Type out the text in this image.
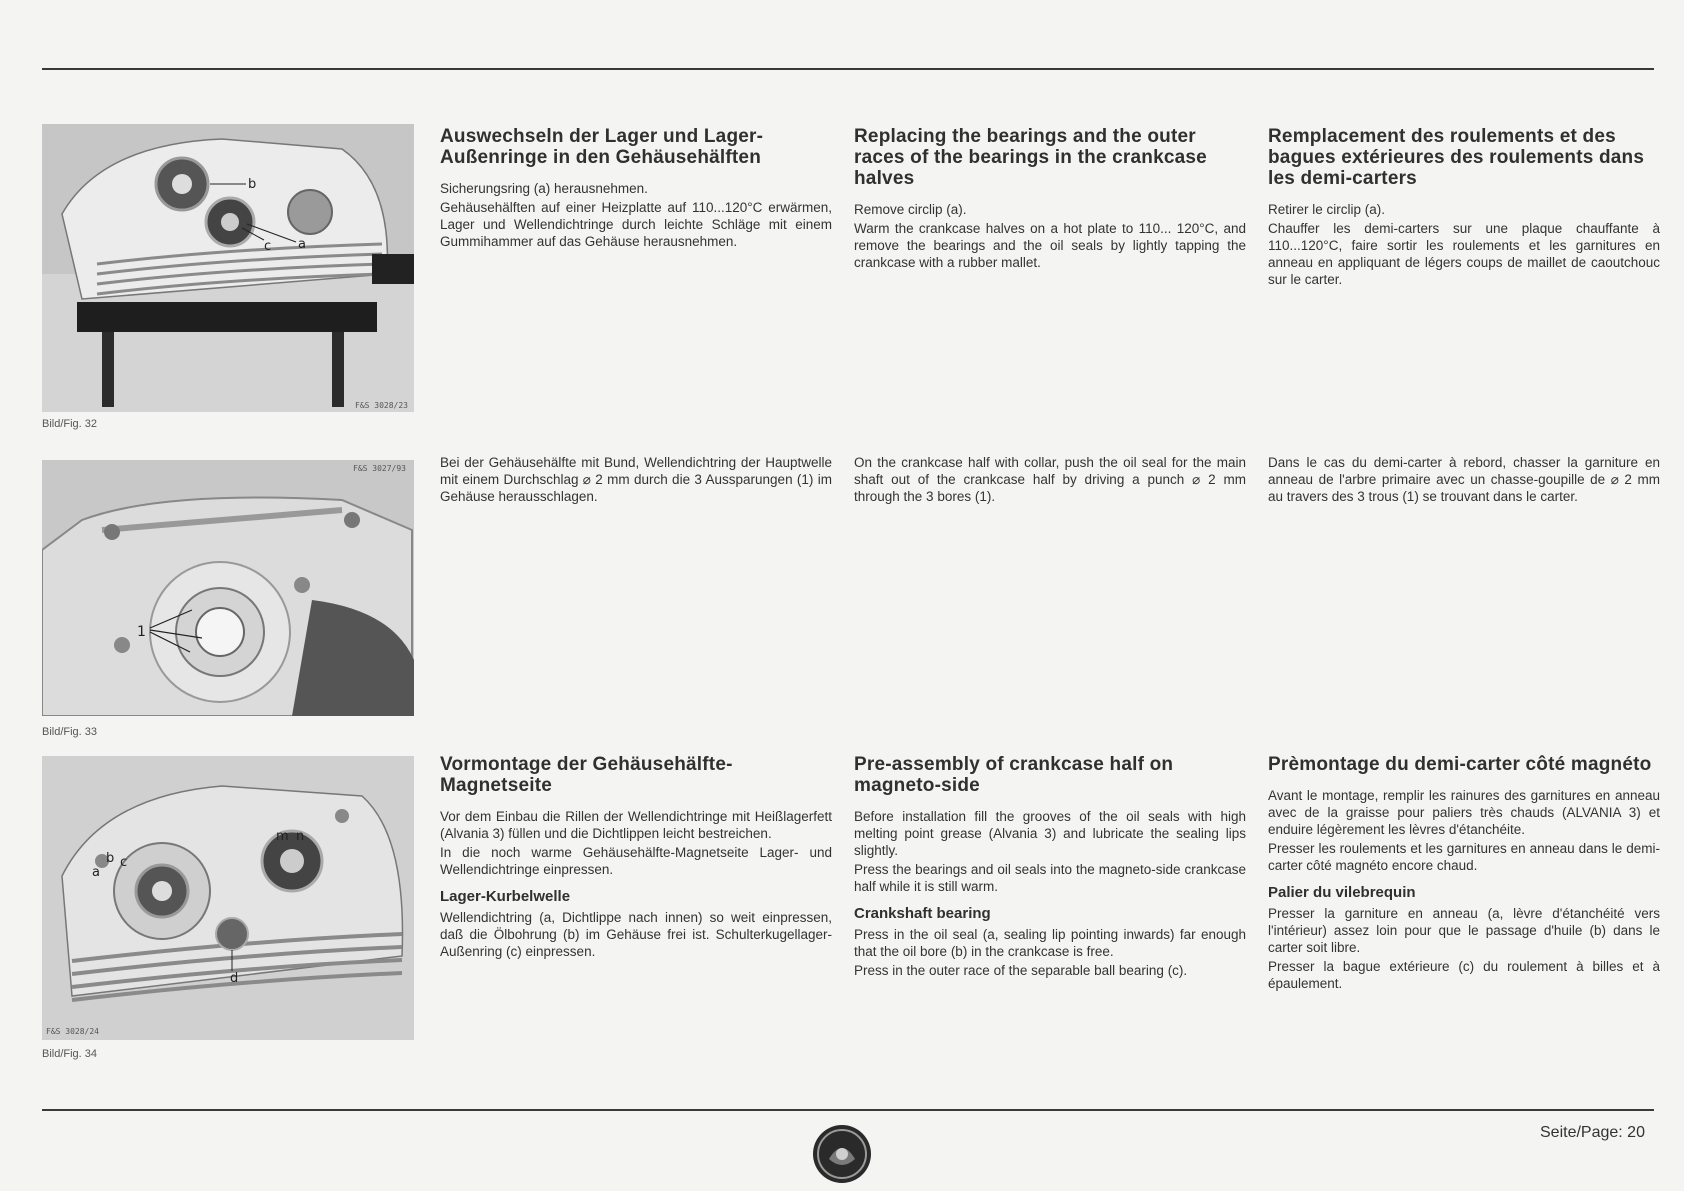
b
c a
F&S 3028/23
Bild/Fig. 32
1
F&S 3027/93
Bild/Fig. 33
a
b c
m n
d
F&S 3028/24
Bild/Fig. 34
Auswechseln der Lager und Lager-Außenringe in den Gehäusehälften

Sicherungsring (a) herausnehmen.

Gehäusehälften auf einer Heizplatte auf 110...120°C erwärmen, Lager und Wellendichtringe durch leichte Schläge mit einem Gummihammer auf das Gehäuse herausnehmen.

Replacing the bearings and the outer races of the bearings in the crankcase halves

Remove circlip (a).

Warm the crankcase halves on a hot plate to 110... 120°C, and remove the bearings and the oil seals by lightly tapping the crankcase with a rubber mallet.

Remplacement des roulements et des bagues extérieures des roulements dans les demi-carters

Retirer le circlip (a).

Chauffer les demi-carters sur une plaque chauffante à 110...120°C, faire sortir les roulements et les garnitures en anneau en appliquant de légers coups de maillet de caoutchouc sur le carter.

Bei der Gehäusehälfte mit Bund, Wellendichtring der Hauptwelle mit einem Durchschlag ⌀ 2 mm durch die 3 Aussparungen (1) im Gehäuse herausschlagen.

On the crankcase half with collar, push the oil seal for the main shaft out of the crankcase half by driving a punch ⌀ 2 mm through the 3 bores (1).

Dans le cas du demi-carter à rebord, chasser la garniture en anneau de l'arbre primaire avec un chasse-goupille de ⌀ 2 mm au travers des 3 trous (1) se trouvant dans le carter.

Vormontage der Gehäusehälfte-Magnetseite

Vor dem Einbau die Rillen der Wellendichtringe mit Heißlagerfett (Alvania 3) füllen und die Dichtlippen leicht bestreichen.

In die noch warme Gehäusehälfte-Magnetseite Lager- und Wellendichtringe einpressen.

Lager-Kurbelwelle

Wellendichtring (a, Dichtlippe nach innen) so weit einpressen, daß die Ölbohrung (b) im Gehäuse frei ist. Schulterkugellager-Außenring (c) einpressen.

Pre-assembly of crankcase half on magneto-side

Before installation fill the grooves of the oil seals with high melting point grease (Alvania 3) and lubricate the sealing lips slightly.

Press the bearings and oil seals into the magneto-side crankcase half while it is still warm.

Crankshaft bearing

Press in the oil seal (a, sealing lip pointing inwards) far enough that the oil bore (b) in the crankcase is free.

Press in the outer race of the separable ball bearing (c).

Prèmontage du demi-carter côté magnéto

Avant le montage, remplir les rainures des garnitures en anneau avec de la graisse pour paliers très chauds (ALVANIA 3) et enduire légèrement les lèvres d'étanchéite.

Presser les roulements et les garnitures en anneau dans le demi-carter côté magnéto encore chaud.

Palier du vilebrequin

Presser la garniture en anneau (a, lèvre d'étanchéité vers l'intérieur) assez loin pour que le passage d'huile (b) dans le carter soit libre.

Presser la bague extérieure (c) du roulement à billes et à épaulement.

Seite/Page: 20
